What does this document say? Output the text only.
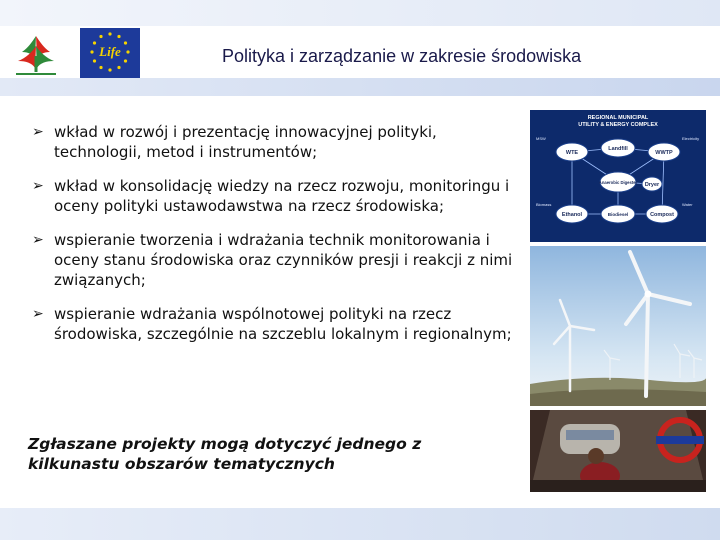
Life	Polityka i zarządzanie w zakresie środowiska
➢ wkład w rozwój i prezentację innowacyjnej polityki, technologii, metod i instrumentów;
➢ wkład w konsolidację wiedzy na rzecz rozwoju, monitoringu i oceny polityki ustawodawstwa na rzecz środowiska;
➢ wspieranie tworzenia i wdrażania technik monitorowania i oceny stanu środowiska oraz czynników presji i reakcji z nimi związanych;
➢ wspieranie wdrażania wspólnotowej polityki na rzecz środowiska, szczególnie na szczeblu lokalnym i regionalnym;
Zgłaszane projekty mogą dotyczyć jednego z kilkunastu obszarów tematycznych
REGIONAL MUNICIPAL
UTILITY & ENERGY COMPLEX
WTE
Landfill
WWTP
Anaerobic Digester Dryer
Ethanol	Biodiesel	Compost
MSW
Biomass
Electricity
Water
